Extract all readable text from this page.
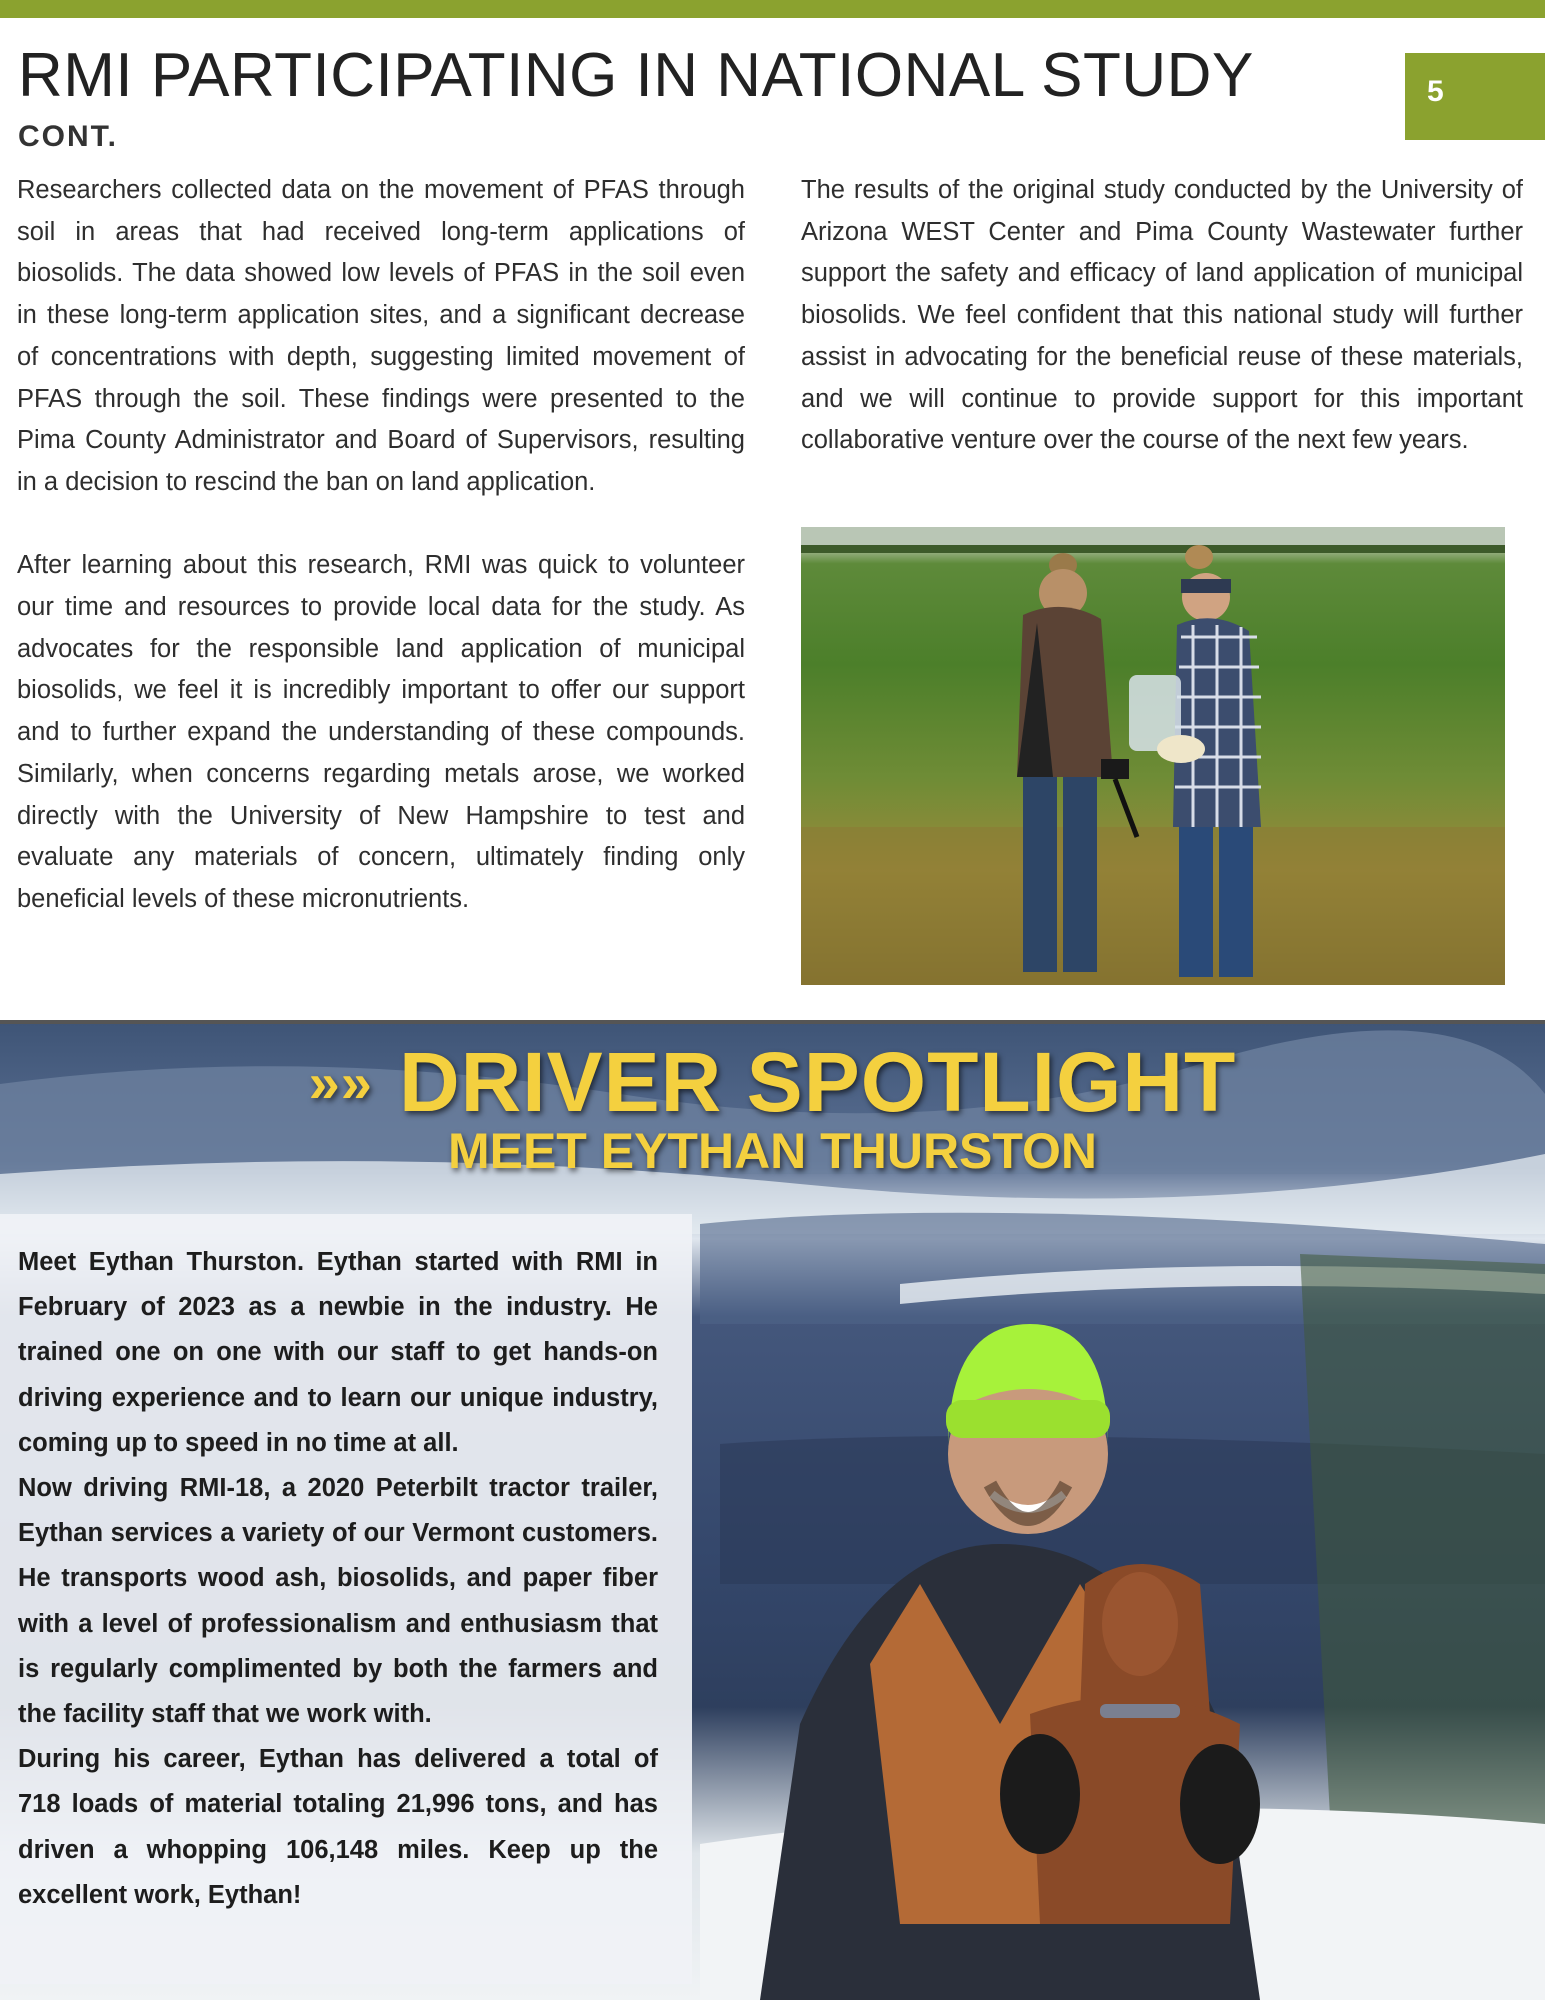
RMI PARTICIPATING IN NATIONAL STUDY
CONT.
5

Researchers collected data on the movement of PFAS through soil in areas that had received long-term applications of biosolids. The data showed low levels of PFAS in the soil even in these long-term application sites, and a significant decrease of concentrations with depth, suggesting limited movement of PFAS through the soil. These findings were presented to the Pima County Administrator and Board of Supervisors, resulting in a decision to rescind the ban on land application.

After learning about this research, RMI was quick to volunteer our time and resources to provide local data for the study. As advocates for the responsible land application of municipal biosolids, we feel it is incredibly important to offer our support and to further expand the understanding of these compounds. Similarly, when concerns regarding metals arose, we worked directly with the University of New Hampshire to test and evaluate any materials of concern, ultimately finding only beneficial levels of these micronutrients.

The results of the original study conducted by the University of Arizona WEST Center and Pima County Wastewater further support the safety and efficacy of land application of municipal biosolids. We feel confident that this national study will further assist in advocating for the beneficial reuse of these materials, and we will continue to provide support for this important collaborative venture over the course of the next few years.

»» DRIVER SPOTLIGHT
MEET EYTHAN THURSTON

Meet Eythan Thurston. Eythan started with RMI in February of 2023 as a newbie in the industry. He trained one on one with our staff to get hands-on driving experience and to learn our unique industry, coming up to speed in no time at all.

Now driving RMI-18, a 2020 Peterbilt tractor trailer, Eythan services a variety of our Vermont customers. He transports wood ash, biosolids, and paper fiber with a level of professionalism and enthusiasm that is regularly complimented by both the farmers and the facility staff that we work with.

During his career, Eythan has delivered a total of 718 loads of material totaling 21,996 tons, and has driven a whopping 106,148 miles. Keep up the excellent work, Eythan!
